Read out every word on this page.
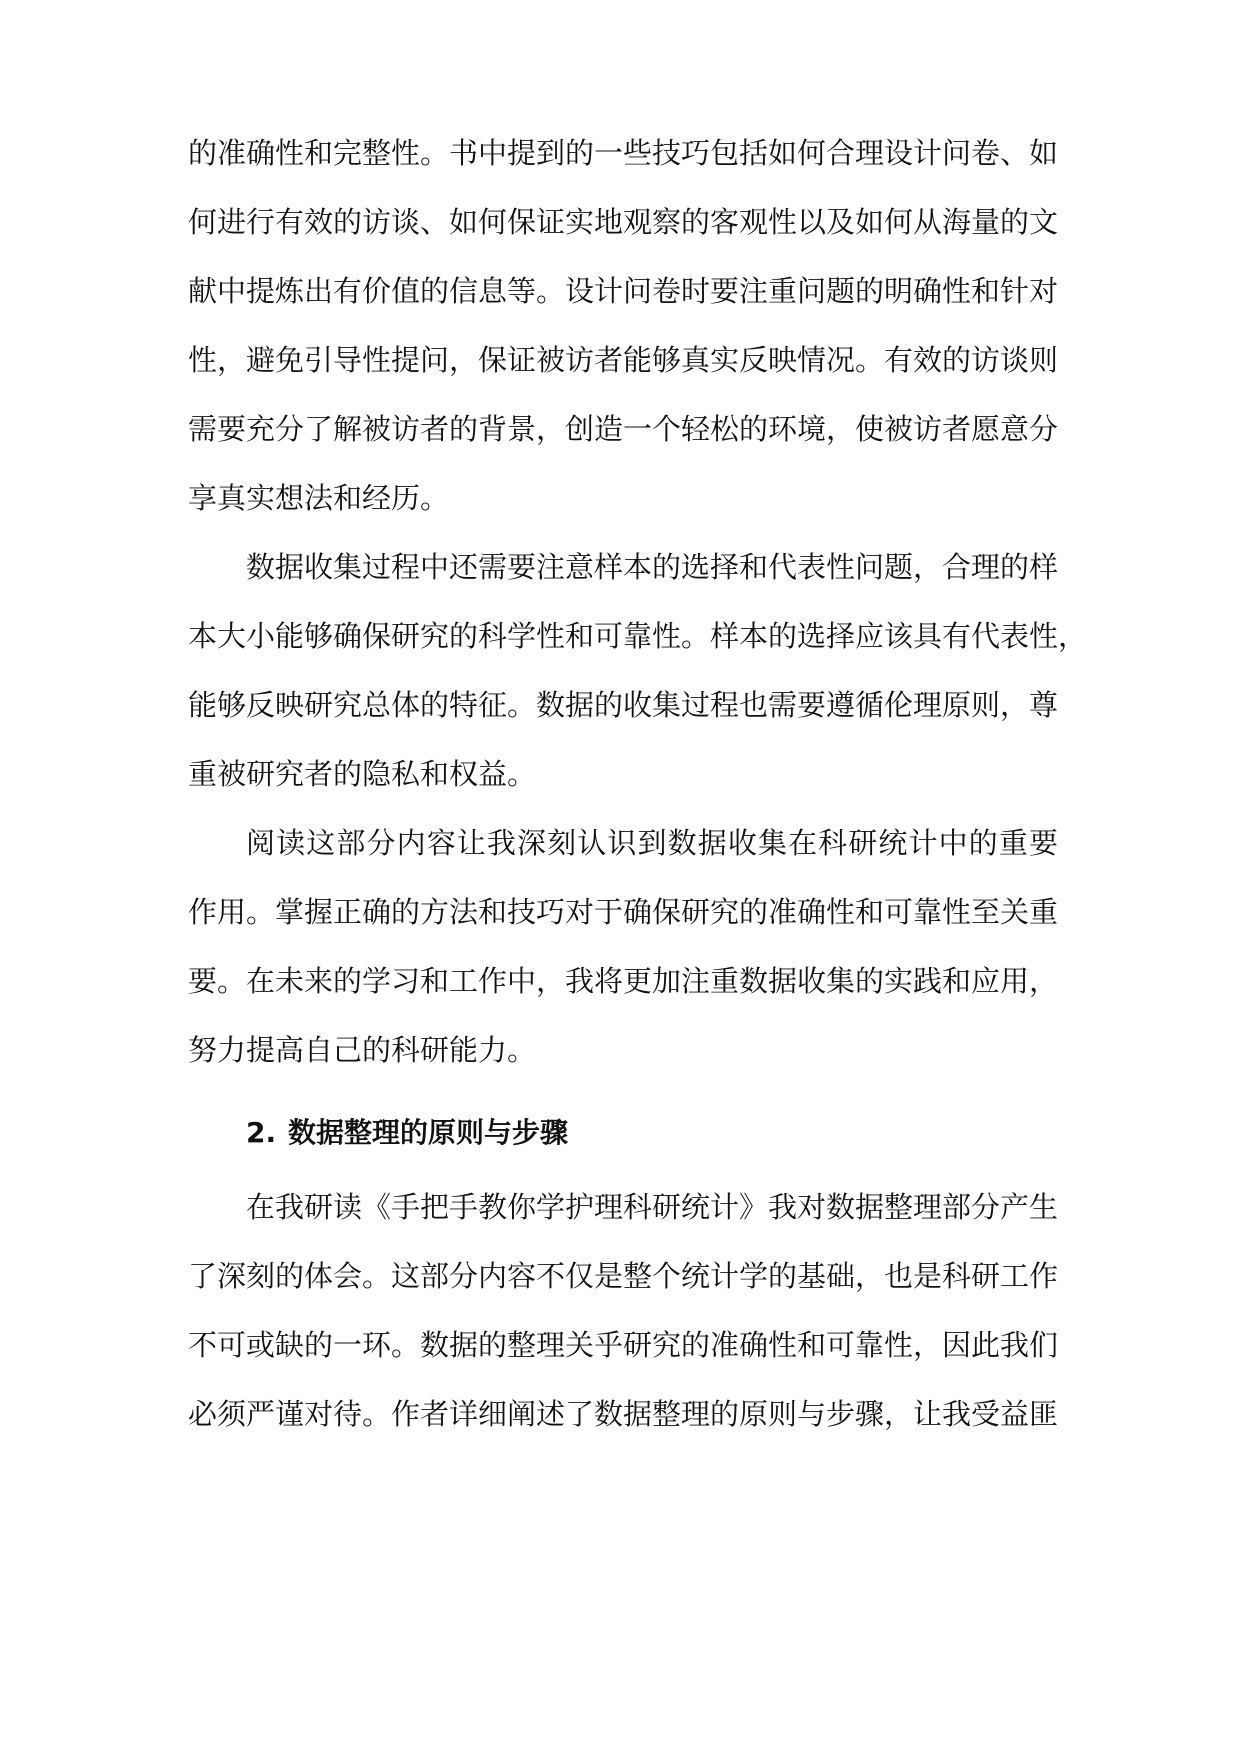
的准确性和完整性。书中提到的一些技巧包括如何合理设计问卷、如
何进行有效的访谈、如何保证实地观察的客观性以及如何从海量的文
献中提炼出有价值的信息等。设计问卷时要注重问题的明确性和针对
性，避免引导性提问，保证被访者能够真实反映情况。有效的访谈则
需要充分了解被访者的背景，创造一个轻松的环境，使被访者愿意分
享真实想法和经历。
数据收集过程中还需要注意样本的选择和代表性问题，合理的样
本大小能够确保研究的科学性和可靠性。样本的选择应该具有代表性，
能够反映研究总体的特征。数据的收集过程也需要遵循伦理原则，尊
重被研究者的隐私和权益。
阅读这部分内容让我深刻认识到数据收集在科研统计中的重要
作用。掌握正确的方法和技巧对于确保研究的准确性和可靠性至关重
要。在未来的学习和工作中，我将更加注重数据收集的实践和应用，
努力提高自己的科研能力。
2. 数据整理的原则与步骤
在我研读《手把手教你学护理科研统计》我对数据整理部分产生
了深刻的体会。这部分内容不仅是整个统计学的基础，也是科研工作
不可或缺的一环。数据的整理关乎研究的准确性和可靠性，因此我们
必须严谨对待。作者详细阐述了数据整理的原则与步骤，让我受益匪
